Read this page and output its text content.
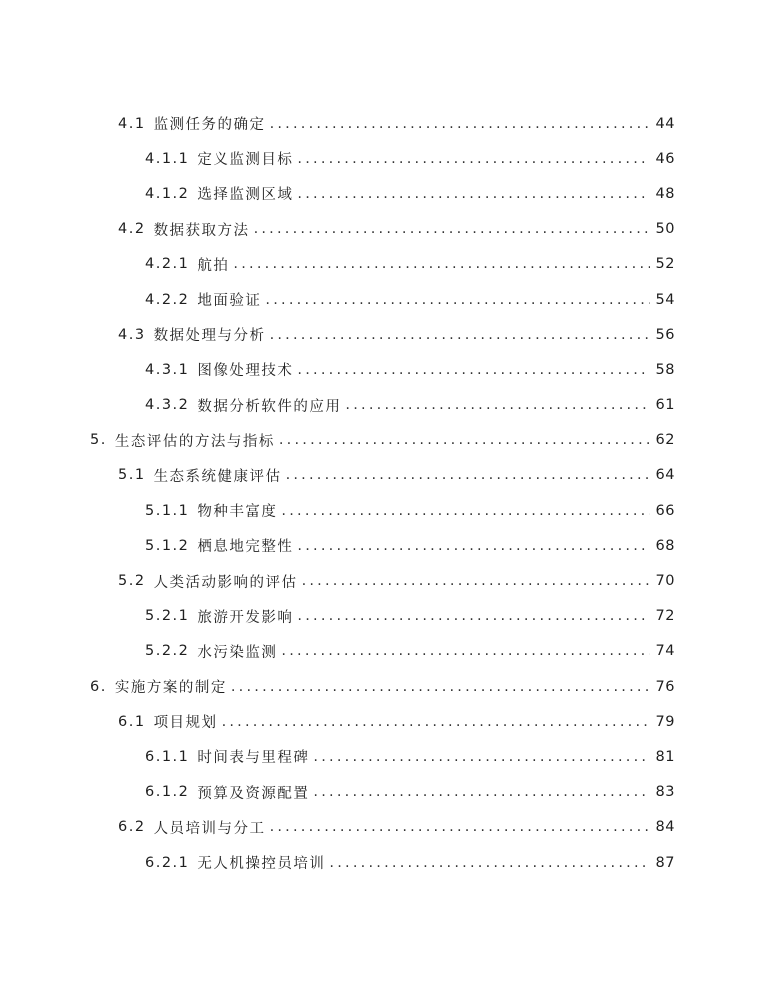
4.1 监测任务的确定 .....	44
4.1.1 定义监测目标 .....	46
4.1.2 选择监测区域 .....	48
4.2 数据获取方法 .....	50
4.2.1 航拍 .....	52
4.2.2 地面验证 .....	54
4.3 数据处理与分析 .....	56
4.3.1 图像处理技术 .....	58
4.3.2 数据分析软件的应用 .....	61
5. 生态评估的方法与指标 .....	62
5.1 生态系统健康评估 .....	64
5.1.1 物种丰富度 .....	66
5.1.2 栖息地完整性 .....	68
5.2 人类活动影响的评估 .....	70
5.2.1 旅游开发影响 .....	72
5.2.2 水污染监测 .....	74
6. 实施方案的制定 .....	76
6.1 项目规划 .....	79
6.1.1 时间表与里程碑 .....	81
6.1.2 预算及资源配置 .....	83
6.2 人员培训与分工 .....	84
6.2.1 无人机操控员培训 .....	87
